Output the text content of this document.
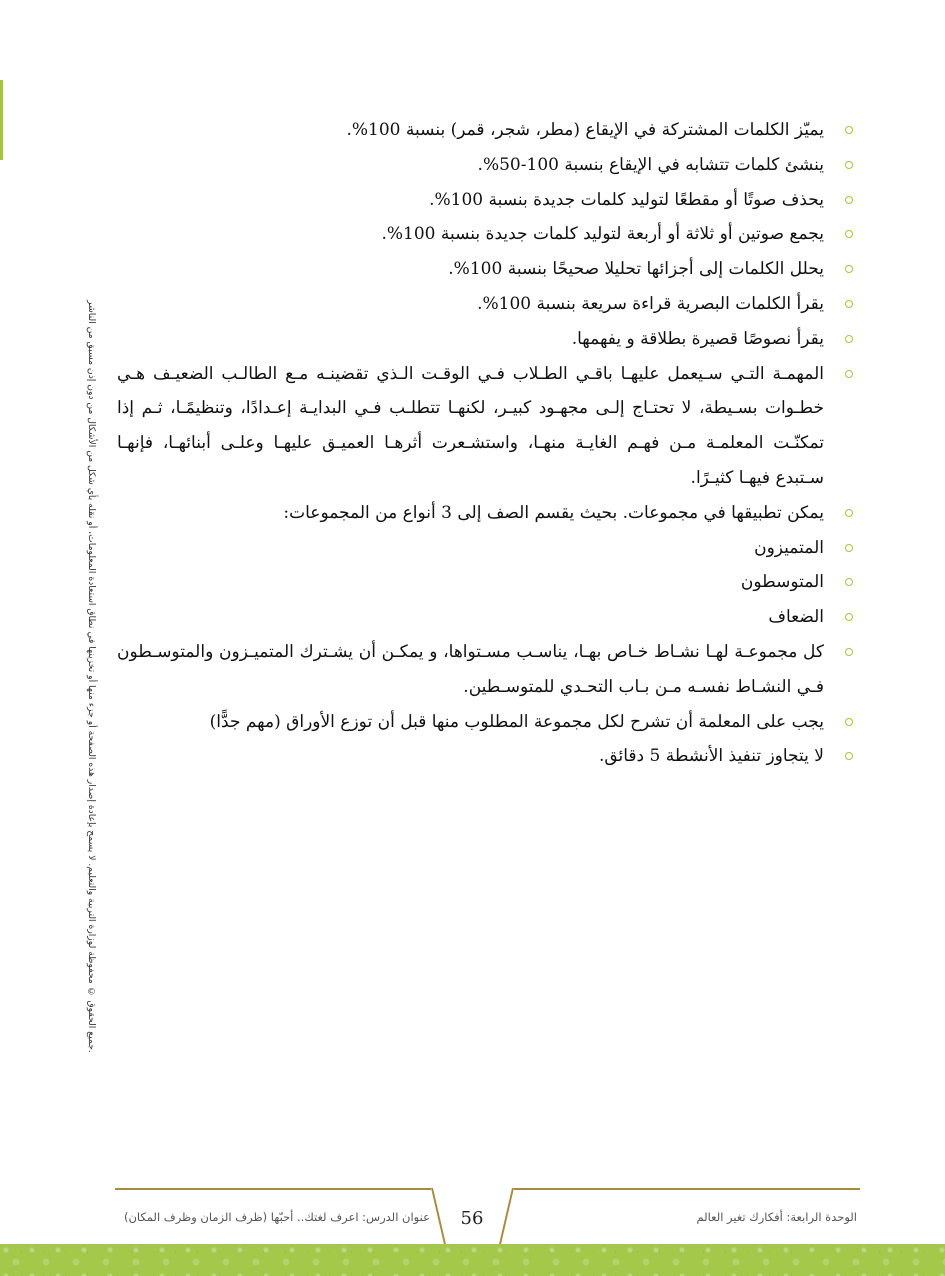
جميع الحقوق © محفوظة لوزارة التربية والتعليم. لا يسمح بإعادة إصدار هذه الصفحة أو جزء منها أو تخزينها في نطاق استعادة المعلومات، أو نقله بأي شكل من الأشكال من دون إذن مسبق من الناشر.
يميّز الكلمات المشتركة في الإيقاع (مطر، شجر، قمر) بنسبة 100%.
ينشئ كلمات تتشابه في الإيقاع بنسبة 100-50%.
يحذف صوتًا أو مقطعًا لتوليد كلمات جديدة بنسبة 100%.
يجمع صوتين أو ثلاثة أو أربعة لتوليد كلمات جديدة بنسبة 100%.
يحلل الكلمات إلى أجزائها تحليلا صحيحًا بنسبة 100%.
يقرأ الكلمات البصرية قراءة سريعة بنسبة 100%.
يقرأ نصوصًا قصيرة بطلاقة و يفهمها.
المهمـة التـي سـيعمل عليهـا باقـي الطـلاب فـي الوقـت الـذي تقضينـه مـع الطالـب الضعيـف هـي خطـوات بسـيطة، لا تحتـاج إلـى مجهـود كبيـر، لكنهـا تتطلـب فـي البدايـة إعـدادًا، وتنظيمًـا، ثـم إذا تمكنّـت المعلمـة مـن فهـم الغايـة منهـا، واستشـعرت أثرهـا العميـق عليهـا وعلـى أبنائهـا، فإنهـا سـتبدع فيهـا كثيـرًا.
يمكن تطبيقها في مجموعات. بحيث يقسم الصف إلى 3 أنواع من المجموعات:
المتميزون
المتوسطون
الضعاف
كل مجموعـة لهـا نشـاط خـاص بهـا، يناسـب مسـتواها، و يمكـن أن يشـترك المتميـزون والمتوسـطون فـي النشـاط نفسـه مـن بـاب التحـدي للمتوسـطين.
يجب على المعلمة أن تشرح لكل مجموعة المطلوب منها قبل أن توزع الأوراق (مهم جدًّا)
لا يتجاوز تنفيذ الأنشطة 5 دقائق.
56	الوحدة الرابعة: أفكارك تغير العالم
عنوان الدرس: اعرف لغتك.. أحبّها (ظرف الزمان وظرف المكان)
